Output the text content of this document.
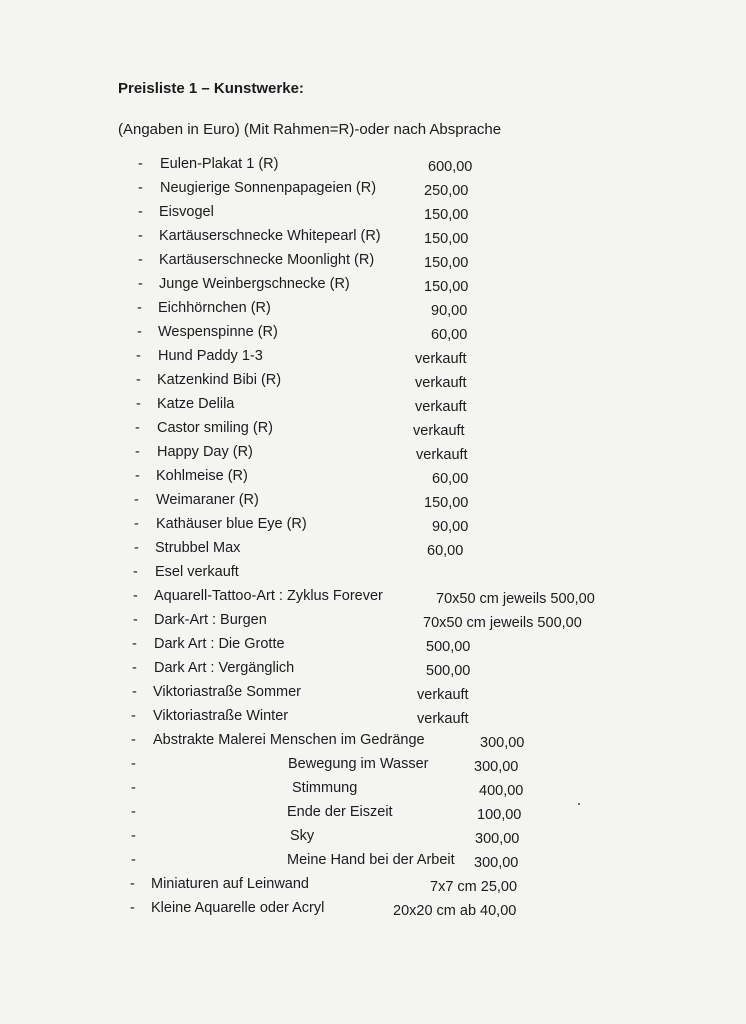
Preisliste 1 – Kunstwerke:
(Angaben in Euro) (Mit Rahmen=R)-oder nach Absprache
- Eulen-Plakat 1 (R)	600,00
- Neugierige Sonnenpapageien (R)	250,00
- Eisvogel	150,00
- Kartäuserschnecke Whitepearl (R)	150,00
- Kartäuserschnecke Moonlight (R)	150,00
- Junge Weinbergschnecke (R)	150,00
- Eichhörnchen (R)	90,00
- Wespenspinne (R)	60,00
- Hund Paddy 1-3	verkauft
- Katzenkind Bibi (R)	verkauft
- Katze Delila	verkauft
- Castor smiling (R)	verkauft
- Happy Day (R)	verkauft
- Kohlmeise (R)	60,00
- Weimaraner (R)	150,00
- Kathäuser blue Eye (R)	90,00
- Strubbel Max	60,00
- Esel verkauft
- Aquarell-Tattoo-Art : Zyklus Forever	70x50 cm jeweils 500,00
- Dark-Art : Burgen	70x50 cm jeweils 500,00
- Dark Art : Die Grotte	500,00
- Dark Art : Vergänglich	500,00
- Viktoriastraße Sommer	verkauft
- Viktoriastraße Winter	verkauft
- Abstrakte Malerei Menschen im Gedränge	300,00
-	Bewegung im Wasser	300,00
-	Stimmung	400,00
-	Ende der Eiszeit	100,00
-	Sky	300,00
-	Meine Hand bei der Arbeit 300,00
- Miniaturen auf Leinwand	7x7 cm 25,00
- Kleine Aquarelle oder Acryl	20x20 cm ab 40,00
